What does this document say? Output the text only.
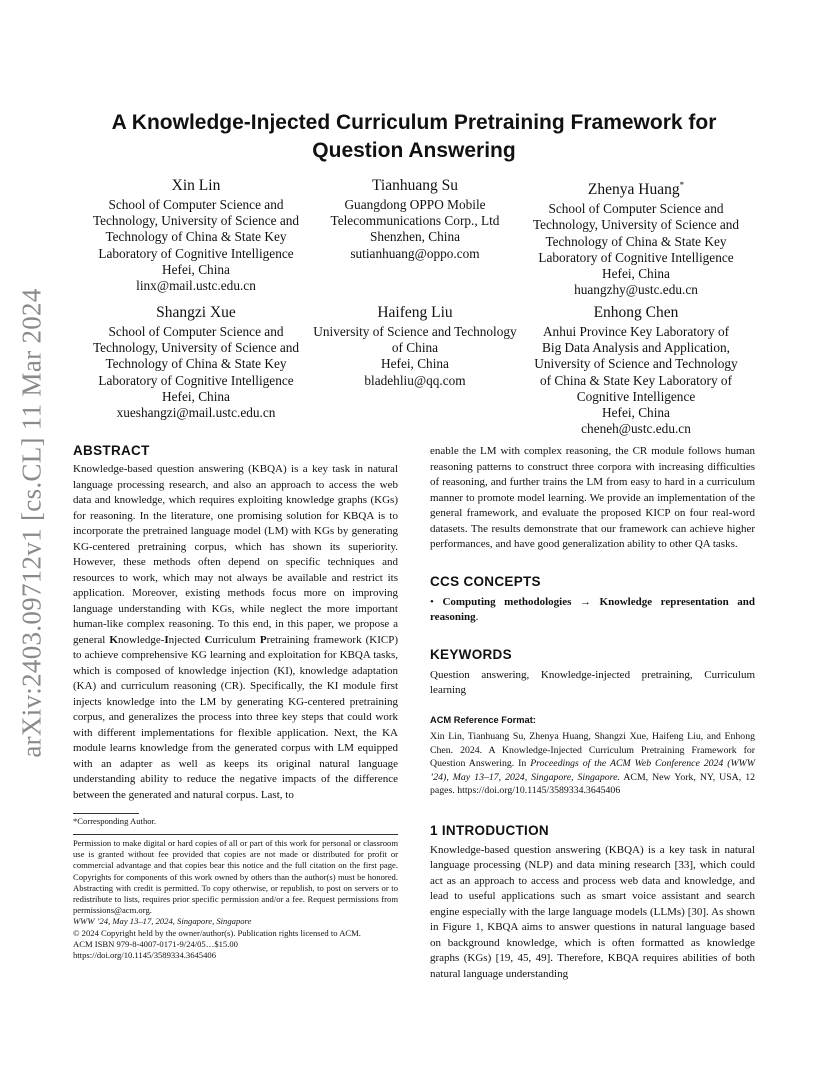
arXiv:2403.09712v1 [cs.CL] 11 Mar 2024
A Knowledge-Injected Curriculum Pretraining Framework for
Question Answering
Xin Lin
School of Computer Science and
Technology, University of Science and
Technology of China & State Key
Laboratory of Cognitive Intelligence
Hefei, China
linx@mail.ustc.edu.cn
Tianhuang Su
Guangdong OPPO Mobile
Telecommunications Corp., Ltd
Shenzhen, China
sutianhuang@oppo.com
Zhenya Huang*
School of Computer Science and
Technology, University of Science and
Technology of China & State Key
Laboratory of Cognitive Intelligence
Hefei, China
huangzhy@ustc.edu.cn
Shangzi Xue
School of Computer Science and
Technology, University of Science and
Technology of China & State Key
Laboratory of Cognitive Intelligence
Hefei, China
xueshangzi@mail.ustc.edu.cn
Haifeng Liu
University of Science and Technology
of China
Hefei, China
bladehliu@qq.com
Enhong Chen
Anhui Province Key Laboratory of
Big Data Analysis and Application,
University of Science and Technology
of China & State Key Laboratory of
Cognitive Intelligence
Hefei, China
cheneh@ustc.edu.cn
ABSTRACT

Knowledge-based question answering (KBQA) is a key task in natural language processing research, and also an approach to access the web data and knowledge, which requires exploiting knowledge graphs (KGs) for reasoning. In the literature, one promising solution for KBQA is to incorporate the pretrained language model (LM) with KGs by generating KG-centered pretraining corpus, which has shown its superiority. However, these methods often depend on specific techniques and resources to work, which may not always be available and restrict its application. Moreover, existing methods focus more on improving language understanding with KGs, while neglect the more important human-like complex reasoning. To this end, in this paper, we propose a general Knowledge-Injected Curriculum Pretraining framework (KICP) to achieve comprehensive KG learning and exploitation for KBQA tasks, which is composed of knowledge injection (KI), knowledge adaptation (KA) and curriculum reasoning (CR). Specifically, the KI module first injects knowledge into the LM by generating KG-centered pretraining corpus, and generalizes the process into three key steps that could work with different implementations for flexible application. Next, the KA module learns knowledge from the generated corpus with LM equipped with an adapter as well as keeps its original natural language understanding ability to reduce the negative impacts of the difference between the generated and natural corpus. Last, to

*Corresponding Author.

Permission to make digital or hard copies of all or part of this work for personal or classroom use is granted without fee provided that copies are not made or distributed for profit or commercial advantage and that copies bear this notice and the full citation on the first page. Copyrights for components of this work owned by others than the author(s) must be honored. Abstracting with credit is permitted. To copy otherwise, or republish, to post on servers or to redistribute to lists, requires prior specific permission and/or a fee. Request permissions from permissions@acm.org.

WWW ’24, May 13–17, 2024, Singapore, Singapore

© 2024 Copyright held by the owner/author(s). Publication rights licensed to ACM.

ACM ISBN 979-8-4007-0171-9/24/05…$15.00

https://doi.org/10.1145/3589334.3645406

enable the LM with complex reasoning, the CR module follows human reasoning patterns to construct three corpora with increasing difficulties of reasoning, and further trains the LM from easy to hard in a curriculum manner to promote model learning. We provide an implementation of the general framework, and evaluate the proposed KICP on four real-word datasets. The results demonstrate that our framework can achieve higher performances, and have good generalization ability to other QA tasks.

CCS CONCEPTS

• Computing methodologies → Knowledge representation and reasoning.

KEYWORDS

Question answering, Knowledge-injected pretraining, Curriculum learning

ACM Reference Format:

Xin Lin, Tianhuang Su, Zhenya Huang, Shangzi Xue, Haifeng Liu, and Enhong Chen. 2024. A Knowledge-Injected Curriculum Pretraining Framework for Question Answering. In Proceedings of the ACM Web Conference 2024 (WWW ’24), May 13–17, 2024, Singapore, Singapore. ACM, New York, NY, USA, 12 pages. https://doi.org/10.1145/3589334.3645406

1 INTRODUCTION

Knowledge-based question answering (KBQA) is a key task in natural language processing (NLP) and data mining research [33], which could act as an approach to access and process web data and knowledge, and lead to useful applications such as smart voice assistant and search engine especially with the large language models (LLMs) [30]. As shown in Figure 1, KBQA aims to answer questions in natural language based on background knowledge, which is often formatted as knowledge graphs (KGs) [19, 45, 49]. Therefore, KBQA requires abilities of both natural language understanding
